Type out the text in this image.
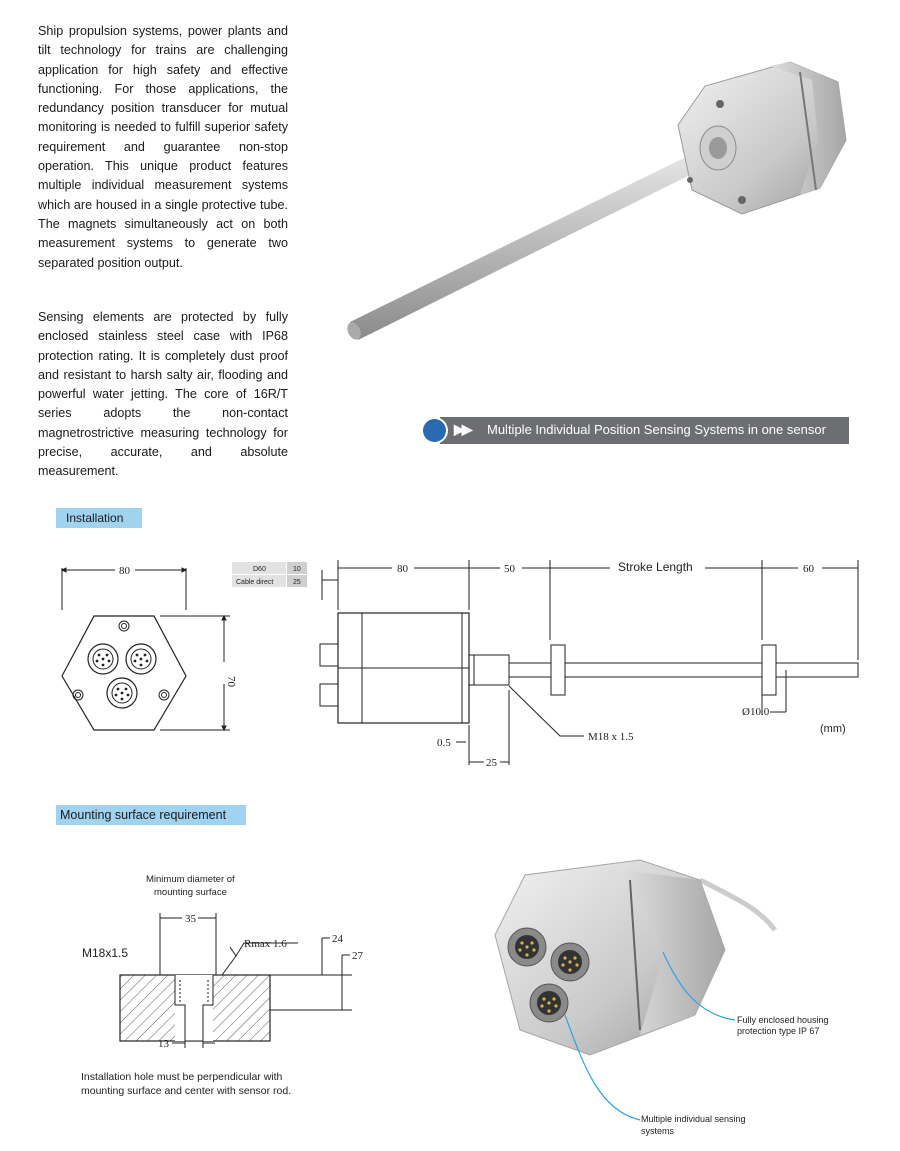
Ship propulsion systems, power plants and tilt technology for trains are challenging application for high safety and effective functioning. For those applications, the redundancy position transducer for mutual monitoring is needed to fulfill superior safety requirement and guarantee non-stop operation. This unique product features multiple individual measurement systems which are housed in a single protective tube. The magnets simultaneously act on both measurement systems to generate two separated position output.

Sensing elements are protected by fully enclosed stainless steel case with IP68 protection rating. It is completely dust proof and resistant to harsh salty air, flooding and powerful water jetting. The core of 16R/T series adopts the non-contact magnetrostrictive measuring technology for precise, accurate, and absolute measurement.

80
70
D60	10
Cable direct	25
80	50	Stroke Length	60
Ø10.0
M18 x 1.5
0.5
25
(mm)
Minimum diameter of
mounting surface
35
Rmax 1.6	24
27
M18x1.5
13
▶▶ Multiple Individual Position Sensing Systems in one sensor
Installation
Mounting surface requirement
Installation hole must be perpendicular with
mounting surface and center with sensor rod.
Fully enclosed housing
protection type IP 67
Multiple individual sensing
systems
